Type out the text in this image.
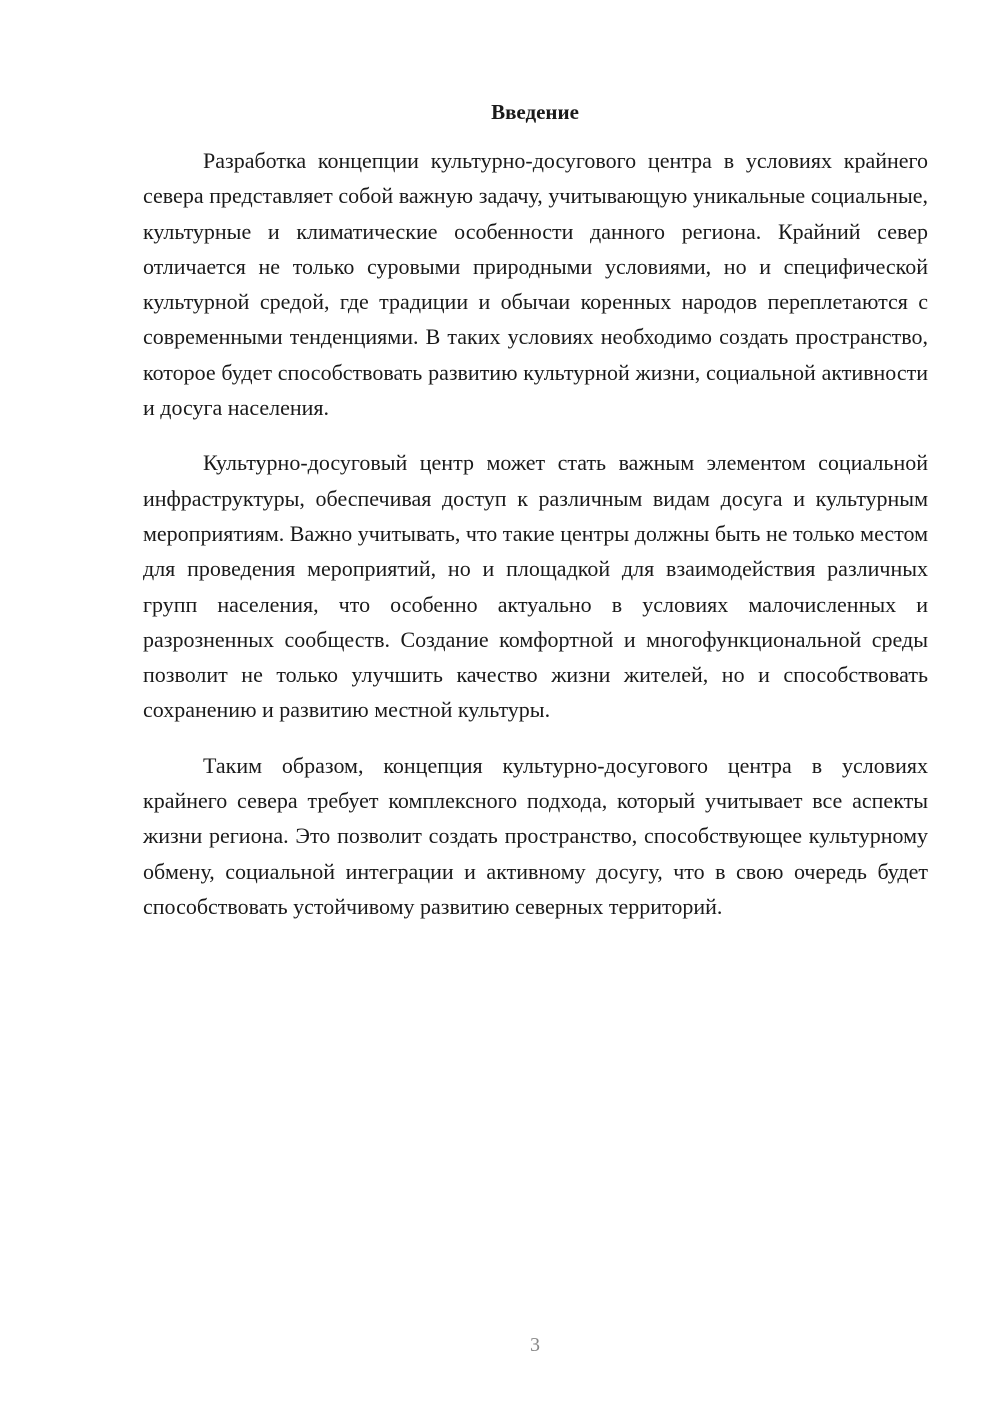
Введение

Разработка концепции культурно-досугового центра в условиях крайнего севера представляет собой важную задачу, учитывающую уникальные социальные, культурные и климатические особенности данного региона. Крайний север отличается не только суровыми природными условиями, но и специфической культурной средой, где традиции и обычаи коренных народов переплетаются с современными тенденциями. В таких условиях необходимо создать пространство, которое будет способствовать развитию культурной жизни, социальной активности и досуга населения.

Культурно-досуговый центр может стать важным элементом социальной инфраструктуры, обеспечивая доступ к различным видам досуга и культурным мероприятиям. Важно учитывать, что такие центры должны быть не только местом для проведения мероприятий, но и площадкой для взаимодействия различных групп населения, что особенно актуально в условиях малочисленных и разрозненных сообществ. Создание комфортной и многофункциональной среды позволит не только улучшить качество жизни жителей, но и способствовать сохранению и развитию местной культуры.

Таким образом, концепция культурно-досугового центра в условиях крайнего севера требует комплексного подхода, который учитывает все аспекты жизни региона. Это позволит создать пространство, способствующее культурному обмену, социальной интеграции и активному досугу, что в свою очередь будет способствовать устойчивому развитию северных территорий.

3
